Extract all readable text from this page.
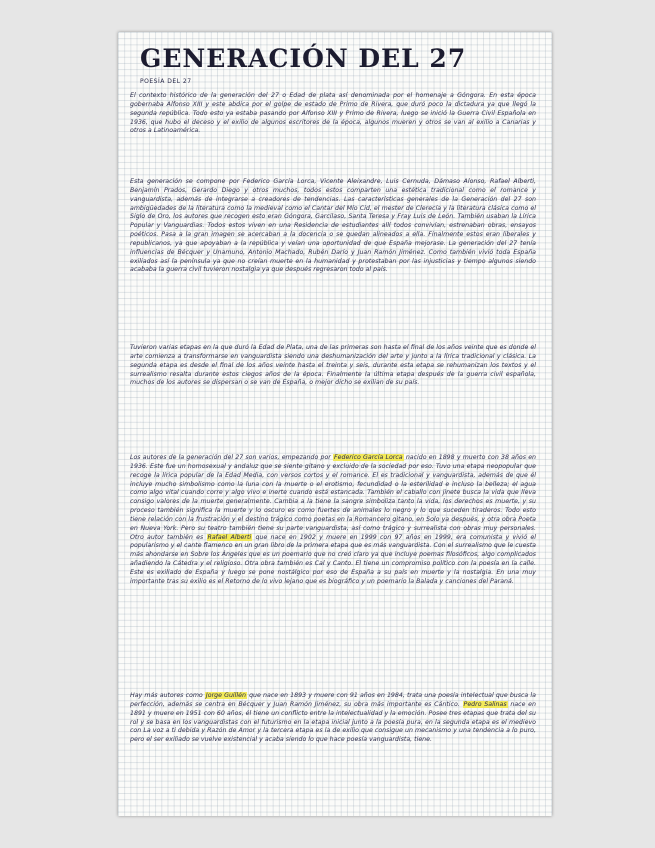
GENERACIÓN DEL 27
POESÍA DEL 27

El contexto histórico de la generación del 27 o Edad de plata así denominada por el homenaje a Góngora. En esta época gobernaba Alfonso XIII y este abdica por el golpe de estado de Primo de Rivera, que duró poco la dictadura ya que llegó la segunda república. Todo esto ya estaba pasando por Alfonso XIII y Primo de Rivera, luego se inició la Guerra Civil Española en 1936, que hubo el deceso y el exilio de algunos escritores de la época, algunos mueren y otros se van al exilio a Canarias y otros a Latinoamérica.

Esta generación se compone por Federico García Lorca, Vicente Aleixandre, Luis Cernuda, Dámaso Alonso, Rafael Alberti, Benjamín Prados, Gerardo Diego y otros muchos, todos estos comparten una estética tradicional como el romance y vanguardista, además de integrarse a creadores de tendencias. Las características generales de la Generación del 27 son ambigüedades de la literatura como la medieval como el Cantar del Mío Cid, el mester de Clerecía y la literatura clásica como el Siglo de Oro, los autores que recogen esto eran Góngora, Garcilaso, Santa Teresa y Fray Luis de León. También usaban la Lírica Popular y Vanguardias. Todos estos viven en una Residencia de estudiantes allí todos convivían, estrenaban obras, ensayos poéticos. Pasa a la gran imagen se acercaban a la docencia o se quedan alineados a ella. Finalmente estos eran liberales y republicanos, ya que apoyaban a la república y veían una oportunidad de que España mejorase. La generación del 27 tenía influencias de Bécquer y Unamuno, Antonio Machado, Rubén Darío y Juan Ramón Jiménez. Como también vivió toda España exiliados así la península ya que no creían muerte en la humanidad y protestaban por las injusticias y tiempo algunos siendo acababa la guerra civil tuvieron nostalgia ya que después regresaron todo al país.

Tuvieron varias etapas en la que duró la Edad de Plata, una de las primeras son hasta el final de los años veinte que es donde el arte comienza a transformarse en vanguardista siendo una deshumanización del arte y junto a la lírica tradicional y clásica. La segunda etapa es desde el final de los años veinte hasta el treinta y seis, durante esta etapa se rehumanizan los textos y el surrealismo resalta durante estos ciegos años de la época. Finalmente la última etapa después de la guerra civil española, muchos de los autores se dispersan o se van de España, o mejor dicho se exilian de su país.

Los autores de la generación del 27 son varios, empezando por Federico García Lorca nacido en 1898 y muerto con 38 años en 1936. Este fue un homosexual y andaluz que se siente gitano y excluido de la sociedad por eso. Tuvo una etapa neopopular que recoge la lírica popular de la Edad Media, con versos cortos y el romance. El es tradicional y vanguardista, además de que él incluye mucho simbolismo como la luna con la muerte o el erotismo, fecundidad o la esterilidad e incluso la belleza; el agua como algo vital cuando corre y algo vivo e inerte cuando está estancada. También el caballo con jinete busca la vida que lleva consigo valores de la muerte generalmente. Cambia a la tiene la sangre simboliza tanto la vida, los derechos es muerte, y su proceso también significa la muerte y lo oscuro es como fuertes de animales lo negro y lo que suceden tiraderos. Todo esto tiene relación con la frustración y el destino trágico como poetas en la Romancero gitano, en Solo ya después, y otra obra Poeta en Nueva York. Pero su teatro también tiene su parte vanguardista, así como trágico y surrealista con obras muy personales. Otro autor también es Rafael Alberti que nace en 1902 y muere en 1999 con 97 años en 1999, era comunista y vivió el popularismo y el cante flamenco en un gran libro de la primera etapa que es más vanguardista. Con el surrealismo que le cuesta más ahondarse en Sobre los Ángeles que es un poemario que no creó claro ya que incluye poemas filosóficos, algo complicados añadiendo la Cátedra y el religioso. Otra obra también es Cal y Canto. El tiene un compromiso político con la poesía en la calle. Este es exiliado de España y luego se pone nostálgico por eso de España a su país en muerte y la nostalgia. En una muy importante tras su exilio es el Retorno de lo vivo lejano que es biográfico y un poemario la Balada y canciones del Paraná.

Hay más autores como Jorge Guillén que nace en 1893 y muere con 91 años en 1984, trata una poesía intelectual que busca la perfección, además se centra en Bécquer y Juan Ramón Jiménez, su obra más importante es Cántico. Pedro Salinas nace en 1891 y muere en 1951 con 60 años, él tiene un conflicto entre la intelectualidad y la emoción. Posee tres etapas que trata del su rol y se basa en los vanguardistas con el futurismo en la etapa inicial junto a la poesía pura, en la segunda etapa es el medievo con La voz a ti debida y Razón de Amor y la tercera etapa es la de exilio que consigue un mecanismo y una tendencia a lo puro, pero el ser exiliado se vuelve existencial y acaba siendo lo que hace poesía vanguardista, tiene.
